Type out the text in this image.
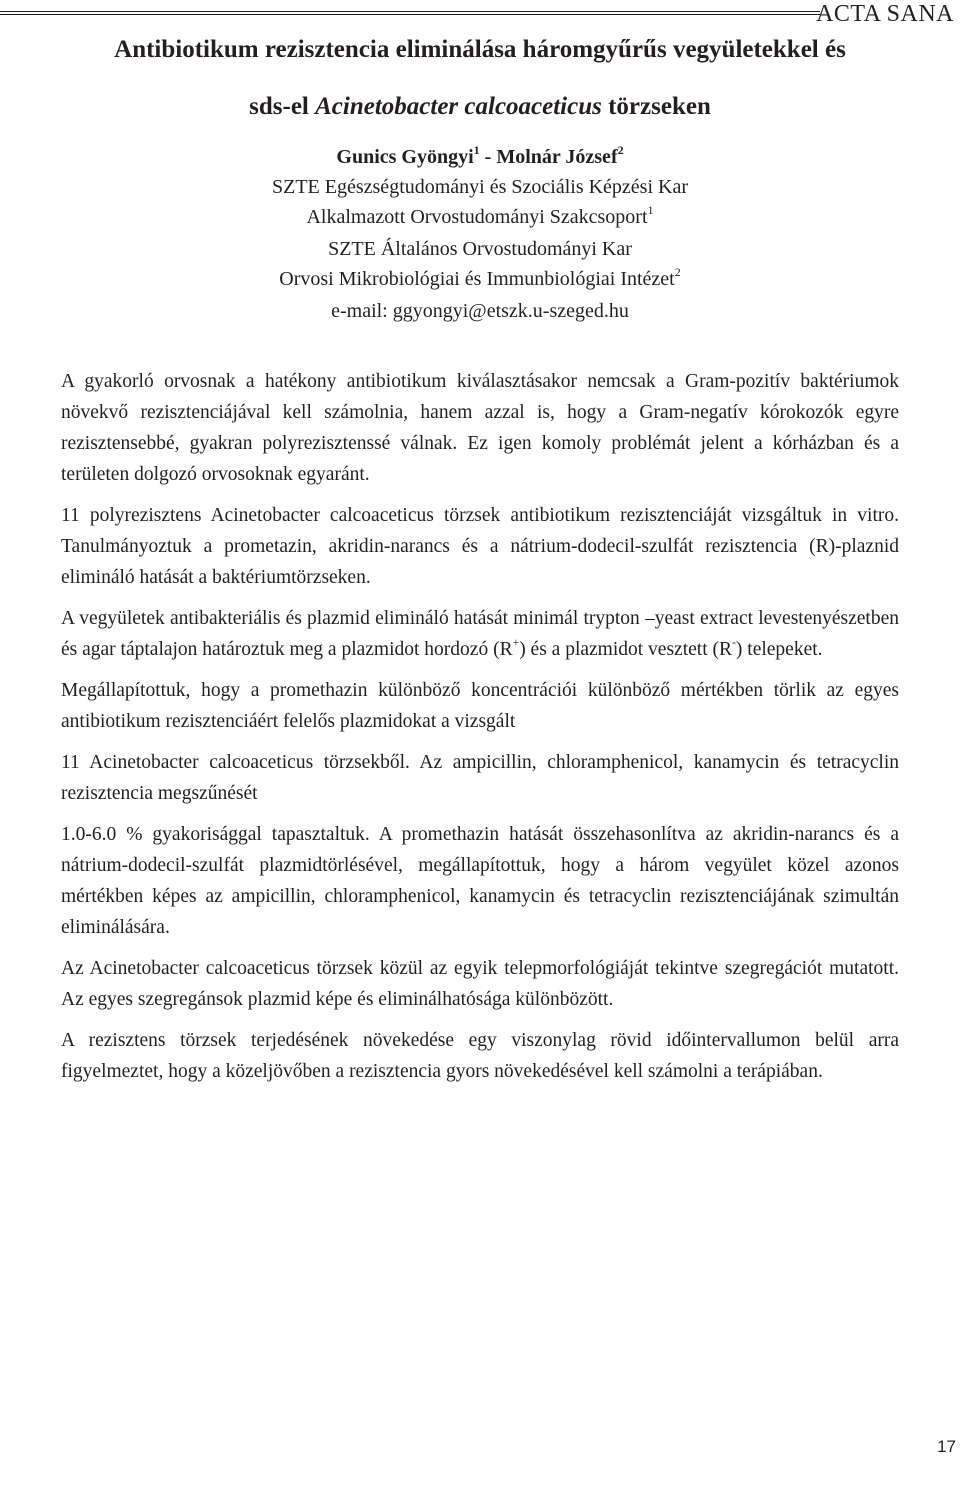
ACTA SANA
Antibiotikum rezisztencia eliminálása háromgyűrűs vegyületekkel és
sds-el Acinetobacter calcoaceticus törzseken
Gunics Gyöngyi$^1$ - Molnár József$^2$
SZTE Egészségtudományi és Szociális Képzési Kar
Alkalmazott Orvostudományi Szakcsoport$^1$
SZTE Általános Orvostudományi Kar
Orvosi Mikrobiológiai és Immunbiológiai Intézet$^2$
e-mail: ggyongyi@etszk.u-szeged.hu

A gyakorló orvosnak a hatékony antibiotikum kiválasztásakor nemcsak a Gram-pozitív baktériumok növekvő rezisztenciájával kell számolnia, hanem azzal is, hogy a Gram-negatív kórokozók egyre rezisztensebbé, gyakran polyrezisztenssé válnak. Ez igen komoly problémát jelent a kórházban és a területen dolgozó orvosoknak egyaránt.

11 polyrezisztens Acinetobacter calcoaceticus törzsek antibiotikum rezisztenciáját vizsgáltuk in vitro. Tanulmányoztuk a prometazin, akridin-narancs és a nátrium-dodecil-szulfát rezisztencia (R)-plaznid elimináló hatását a baktériumtörzseken.

A vegyületek antibakteriális és plazmid elimináló hatását minimál trypton –yeast extract levestenyészetben és agar táptalajon határoztuk meg a plazmidot hordozó (R+) és a plazmidot vesztett (R-) telepeket.

Megállapítottuk, hogy a promethazin különböző koncentrációi különböző mértékben törlik az egyes antibiotikum rezisztenciáért felelős plazmidokat a vizsgált

11 Acinetobacter calcoaceticus törzsekből. Az ampicillin, chloramphenicol, kanamycin és tetracyclin rezisztencia megszűnését

1.0-6.0 % gyakorisággal tapasztaltuk. A promethazin hatását összehasonlítva az akridin-narancs és a nátrium-dodecil-szulfát plazmidtörlésével, megállapítottuk, hogy a három vegyület közel azonos mértékben képes az ampicillin, chloramphenicol, kanamycin és tetracyclin rezisztenciájának szimultán eliminálására.

Az Acinetobacter calcoaceticus törzsek közül az egyik telepmorfológiáját tekintve szegregációt mutatott. Az egyes szegregánsok plazmid képe és eliminálhatósága különbözött.

A rezisztens törzsek terjedésének növekedése egy viszonylag rövid időintervallumon belül arra figyelmeztet, hogy a közeljövőben a rezisztencia gyors növekedésével kell számolni a terápiában.

17
